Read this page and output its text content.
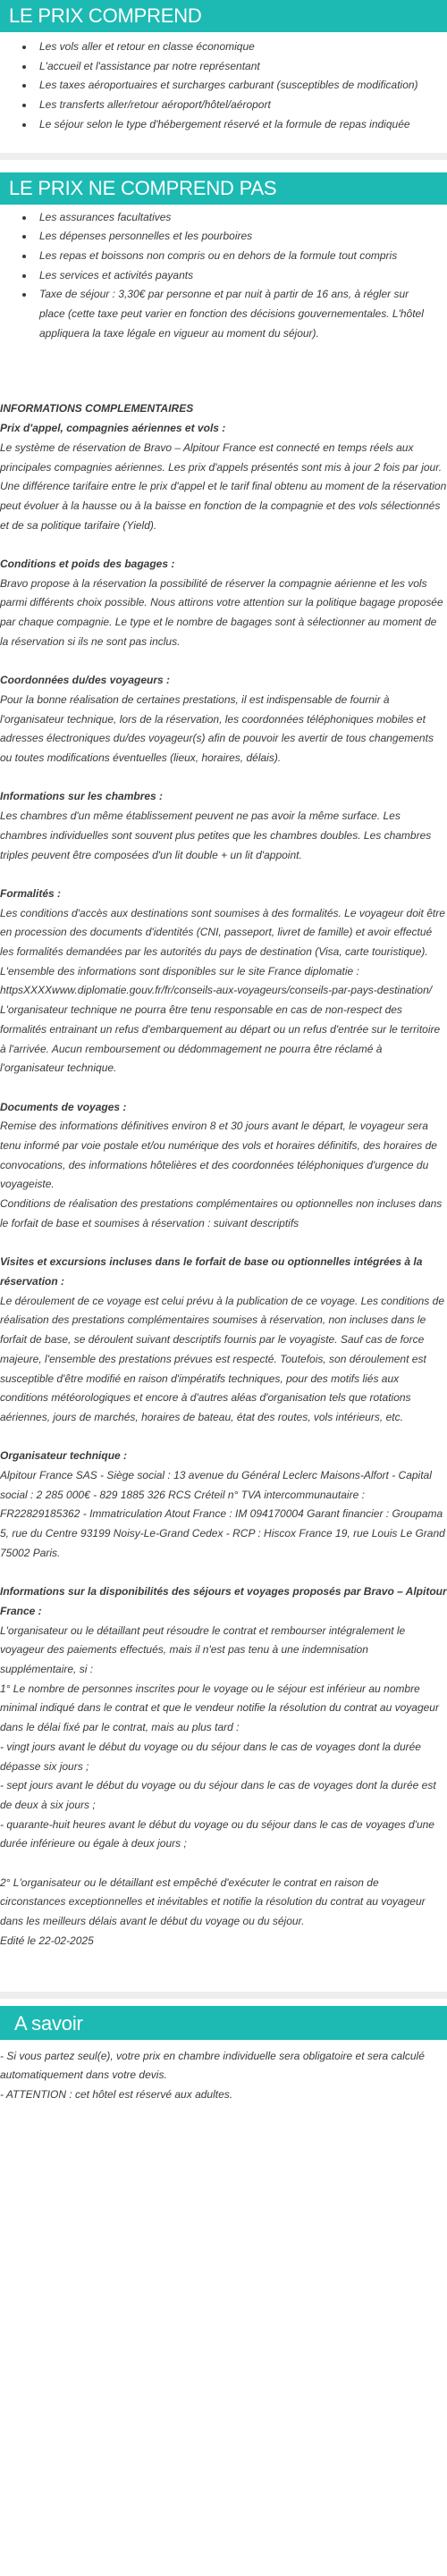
LE PRIX COMPREND
Les vols aller et retour en classe économique
L'accueil et l'assistance par notre représentant
Les taxes aéroportuaires et surcharges carburant (susceptibles de modification)
Les transferts aller/retour aéroport/hôtel/aéroport
Le séjour selon le type d'hébergement réservé et la formule de repas indiquée
LE PRIX NE COMPREND PAS
Les assurances facultatives
Les dépenses personnelles et les pourboires
Les repas et boissons non compris ou en dehors de la formule tout compris
Les services et activités payants
Taxe de séjour : 3,30€ par personne et par nuit à partir de 16 ans, à régler sur place (cette taxe peut varier en fonction des décisions gouvernementales. L'hôtel appliquera la taxe légale en vigueur au moment du séjour).
INFORMATIONS COMPLEMENTAIRES
Prix d'appel, compagnies aériennes et vols :

Le système de réservation de Bravo – Alpitour France est connecté en temps réels aux principales compagnies aériennes. Les prix d'appels présentés sont mis à jour 2 fois par jour. Une différence tarifaire entre le prix d'appel et le tarif final obtenu au moment de la réservation peut évoluer à la hausse ou à la baisse en fonction de la compagnie et des vols sélectionnés et de sa politique tarifaire (Yield).

Conditions et poids des bagages :

Bravo propose à la réservation la possibilité de réserver la compagnie aérienne et les vols parmi différents choix possible. Nous attirons votre attention sur la politique bagage proposée par chaque compagnie. Le type et le nombre de bagages sont à sélectionner au moment de la réservation si ils ne sont pas inclus.

Coordonnées du/des voyageurs :

Pour la bonne réalisation de certaines prestations, il est indispensable de fournir à l'organisateur technique, lors de la réservation, les coordonnées téléphoniques mobiles et adresses électroniques du/des voyageur(s) afin de pouvoir les avertir de tous changements ou toutes modifications éventuelles (lieux, horaires, délais).

Informations sur les chambres :

Les chambres d'un même établissement peuvent ne pas avoir la même surface. Les chambres individuelles sont souvent plus petites que les chambres doubles. Les chambres triples peuvent être composées d'un lit double + un lit d'appoint.

Formalités :

Les conditions d'accès aux destinations sont soumises à des formalités. Le voyageur doit être en procession des documents d'identités (CNI, passeport, livret de famille) et avoir effectué les formalités demandées par les autorités du pays de destination (Visa, carte touristique). L'ensemble des informations sont disponibles sur le site France diplomatie : httpsXXXXwww.diplomatie.gouv.fr/fr/conseils-aux-voyageurs/conseils-par-pays-destination/

L'organisateur technique ne pourra être tenu responsable en cas de non-respect des formalités entrainant un refus d'embarquement au départ ou un refus d'entrée sur le territoire à l'arrivée. Aucun remboursement ou dédommagement ne pourra être réclamé à l'organisateur technique.

Documents de voyages :

Remise des informations définitives environ 8 et 30 jours avant le départ, le voyageur sera tenu informé par voie postale et/ou numérique des vols et horaires définitifs, des horaires de convocations, des informations hôtelières et des coordonnées téléphoniques d'urgence du voyageiste.

Conditions de réalisation des prestations complémentaires ou optionnelles non incluses dans le forfait de base et soumises à réservation : suivant descriptifs

Visites et excursions incluses dans le forfait de base ou optionnelles intégrées à la réservation :

Le déroulement de ce voyage est celui prévu à la publication de ce voyage. Les conditions de réalisation des prestations complémentaires soumises à réservation, non incluses dans le forfait de base, se déroulent suivant descriptifs fournis par le voyagiste. Sauf cas de force majeure, l'ensemble des prestations prévues est respecté. Toutefois, son déroulement est susceptible d'être modifié en raison d'impératifs techniques, pour des motifs liés aux conditions météorologiques et encore à d'autres aléas d'organisation tels que rotations aériennes, jours de marchés, horaires de bateau, état des routes, vols intérieurs, etc.

Organisateur technique :

Alpitour France SAS - Siège social : 13 avenue du Général Leclerc Maisons-Alfort - Capital social : 2 285 000€ - 829 1885 326 RCS Créteil n° TVA intercommunautaire : FR22829185362 - Immatriculation Atout France : IM 094170004 Garant financier : Groupama 5, rue du Centre 93199 Noisy-Le-Grand Cedex - RCP : Hiscox France 19, rue Louis Le Grand 75002 Paris.

Informations sur la disponibilités des séjours et voyages proposés par Bravo – Alpitour France :

L'organisateur ou le détaillant peut résoudre le contrat et rembourser intégralement le voyageur des paiements effectués, mais il n'est pas tenu à une indemnisation supplémentaire, si :

1° Le nombre de personnes inscrites pour le voyage ou le séjour est inférieur au nombre minimal indiqué dans le contrat et que le vendeur notifie la résolution du contrat au voyageur dans le délai fixé par le contrat, mais au plus tard :

- vingt jours avant le début du voyage ou du séjour dans le cas de voyages dont la durée dépasse six jours ;

- sept jours avant le début du voyage ou du séjour dans le cas de voyages dont la durée est de deux à six jours ;

- quarante-huit heures avant le début du voyage ou du séjour dans le cas de voyages d'une durée inférieure ou égale à deux jours ;

2° L'organisateur ou le détaillant est empêché d'exécuter le contrat en raison de circonstances exceptionnelles et inévitables et notifie la résolution du contrat au voyageur dans les meilleurs délais avant le début du voyage ou du séjour.

Edité le 22-02-2025

A savoir

- Si vous partez seul(e), votre prix en chambre individuelle sera obligatoire et sera calculé automatiquement dans votre devis.

- ATTENTION : cet hôtel est réservé aux adultes.
